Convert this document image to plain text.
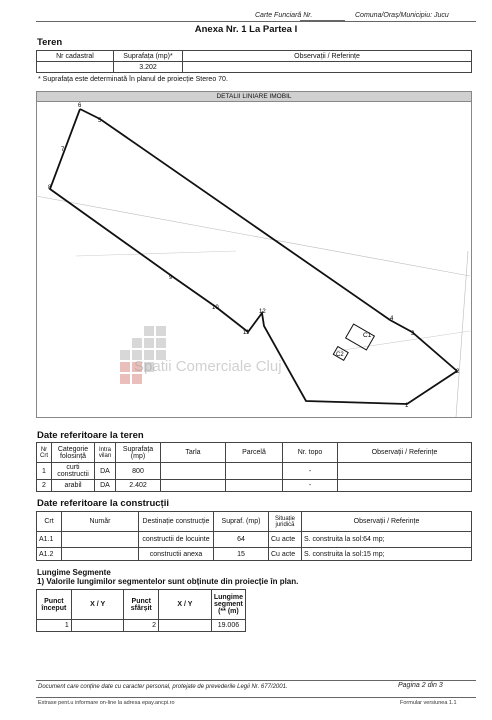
Carte Funciară Nr.	Comuna/Oraș/Municipiu: Jucu
Anexa Nr. 1 La Partea I
Teren
Nr cadastral	Suprafața (mp)*	Observații / Referințe
	3.202	
* Suprafața este determinată în planul de proiecție Stereo 70.
DETALII LINIARE IMOBIL
1
2
3
4
5
6
7
8
9
10
11
12
C1
C2
Spatii Comerciale Cluj
Date referitoare la teren
Nr Crt	Categorie folosință	Intra vilan	Suprafața (mp)	Tarla	Parcelă	Nr. topo	Observații / Referințe
1	curti constructii	DA	800			-	
2	arabil	DA	2.402			-	
Date referitoare la construcții
Crt	Număr	Destinație construcție	Supraf. (mp)	Situație juridică	Observații / Referințe
A1.1		constructii de locuinte	64	Cu acte	S. construita la sol:64 mp;
A1.2		constructii anexa	15	Cu acte	S. construita la sol:15 mp;
Lungime Segmente
1) Valorile lungimilor segmentelor sunt obținute din proiecție în plan.
Punct început	X / Y	Punct sfârșit	X / Y	Lungime segment (** (m)
1		2		19.006
Document care conține date cu caracter personal, protejate de prevederile Legii Nr. 677/2001.	Pagina 2 din 3
Extrase pent.u informare on-line la adresa epay.ancpi.ro	Formular versiunea 1.1
